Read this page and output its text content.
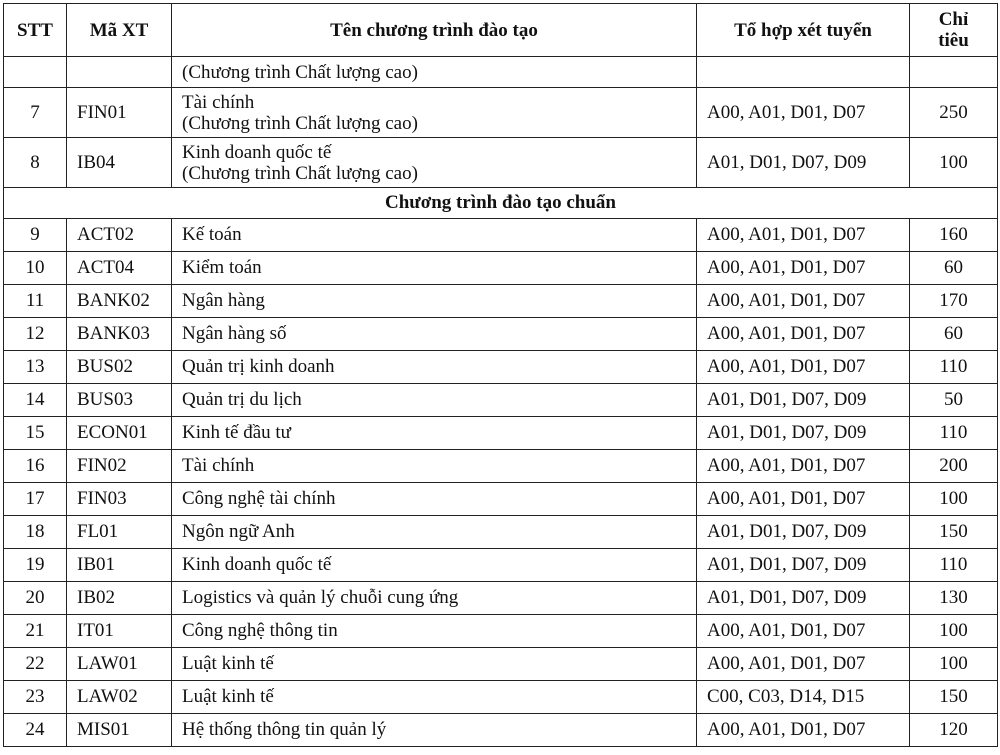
STT	Mã XT	Tên chương trình đào tạo	Tổ hợp xét tuyển	Chỉ
tiêu

		(Chương trình Chất lượng cao)		
7	FIN01	Tài chính
(Chương trình Chất lượng cao)	A00, A01, D01, D07	250
8	IB04	Kinh doanh quốc tế
(Chương trình Chất lượng cao)	A01, D01, D07, D09	100
Chương trình đào tạo chuẩn				
9	ACT02	Kế toán	A00, A01, D01, D07	160
10	ACT04	Kiểm toán	A00, A01, D01, D07	60
11	BANK02	Ngân hàng	A00, A01, D01, D07	170
12	BANK03	Ngân hàng số	A00, A01, D01, D07	60
13	BUS02	Quản trị kinh doanh	A00, A01, D01, D07	110
14	BUS03	Quản trị du lịch	A01, D01, D07, D09	50
15	ECON01	Kinh tế đầu tư	A01, D01, D07, D09	110
16	FIN02	Tài chính	A00, A01, D01, D07	200
17	FIN03	Công nghệ tài chính	A00, A01, D01, D07	100
18	FL01	Ngôn ngữ Anh	A01, D01, D07, D09	150
19	IB01	Kinh doanh quốc tế	A01, D01, D07, D09	110
20	IB02	Logistics và quản lý chuỗi cung ứng	A01, D01, D07, D09	130
21	IT01	Công nghệ thông tin	A00, A01, D01, D07	100
22	LAW01	Luật kinh tế	A00, A01, D01, D07	100
23	LAW02	Luật kinh tế	C00, C03, D14, D15	150
24	MIS01	Hệ thống thông tin quản lý	A00, A01, D01, D07	120
